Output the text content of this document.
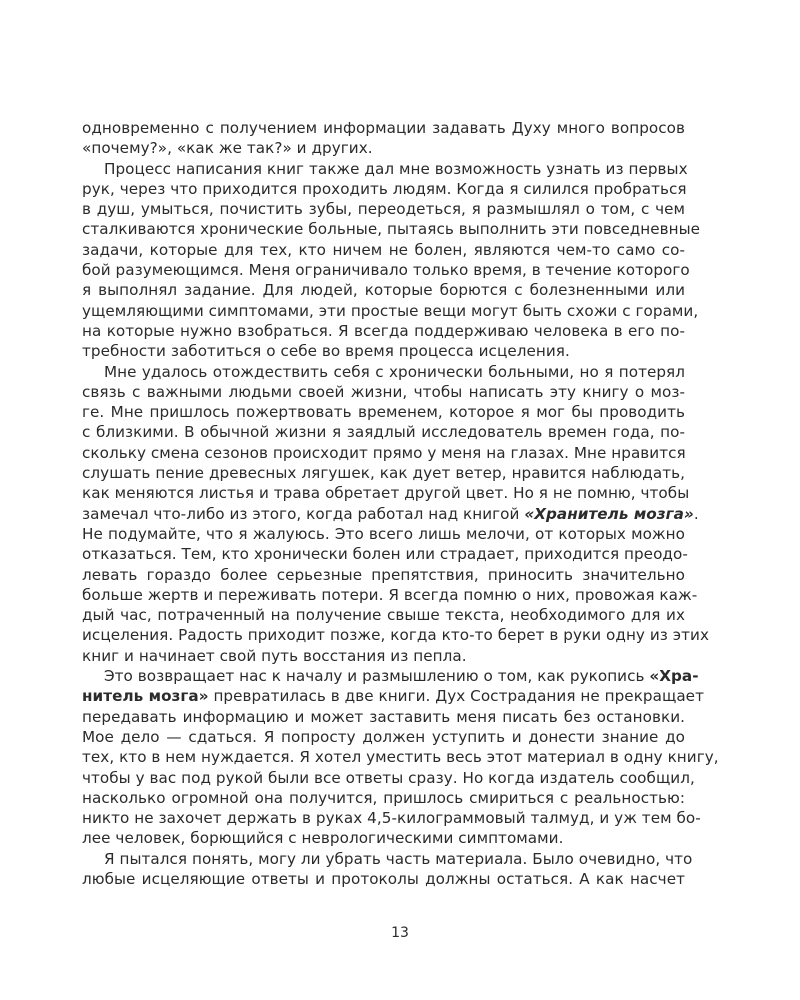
одновременно с получением информации задавать Духу много вопросов
«почему?», «как же так?» и других.
Процесс написания книг также дал мне возможность узнать из первых
рук, через что приходится проходить людям. Когда я силился пробраться
в душ, умыться, почистить зубы, переодеться, я размышлял о том, с чем
сталкиваются хронические больные, пытаясь выполнить эти повседневные
задачи, которые для тех, кто ничем не болен, являются чем-то само со-
бой разумеющимся. Меня ограничивало только время, в течение которого
я выполнял задание. Для людей, которые борются с болезненными или
ущемляющими симптомами, эти простые вещи могут быть схожи с горами,
на которые нужно взобраться. Я всегда поддерживаю человека в его по-
требности заботиться о себе во время процесса исцеления.
Мне удалось отождествить себя с хронически больными, но я потерял
связь с важными людьми своей жизни, чтобы написать эту книгу о моз-
ге. Мне пришлось пожертвовать временем, которое я мог бы проводить
с близкими. В обычной жизни я заядлый исследователь времен года, по-
скольку смена сезонов происходит прямо у меня на глазах. Мне нравится
слушать пение древесных лягушек, как дует ветер, нравится наблюдать,
как меняются листья и трава обретает другой цвет. Но я не помню, чтобы
замечал что-либо из этого, когда работал над книгой «Хранитель мозга».
Не подумайте, что я жалуюсь. Это всего лишь мелочи, от которых можно
отказаться. Тем, кто хронически болен или страдает, приходится преодо-
левать гораздо более серьезные препятствия, приносить значительно
больше жертв и переживать потери. Я всегда помню о них, провожая каж-
дый час, потраченный на получение свыше текста, необходимого для их
исцеления. Радость приходит позже, когда кто-то берет в руки одну из этих
книг и начинает свой путь восстания из пепла.
Это возвращает нас к началу и размышлению о том, как рукопись «Хра-
нитель мозга» превратилась в две книги. Дух Сострадания не прекращает
передавать информацию и может заставить меня писать без остановки.
Мое дело — сдаться. Я попросту должен уступить и донести знание до
тех, кто в нем нуждается. Я хотел уместить весь этот материал в одну книгу,
чтобы у вас под рукой были все ответы сразу. Но когда издатель сообщил,
насколько огромной она получится, пришлось смириться с реальностью:
никто не захочет держать в руках 4,5-килограммовый талмуд, и уж тем бо-
лее человек, борющийся с неврологическими симптомами.
Я пытался понять, могу ли убрать часть материала. Было очевидно, что
любые исцеляющие ответы и протоколы должны остаться. А как насчет
13
